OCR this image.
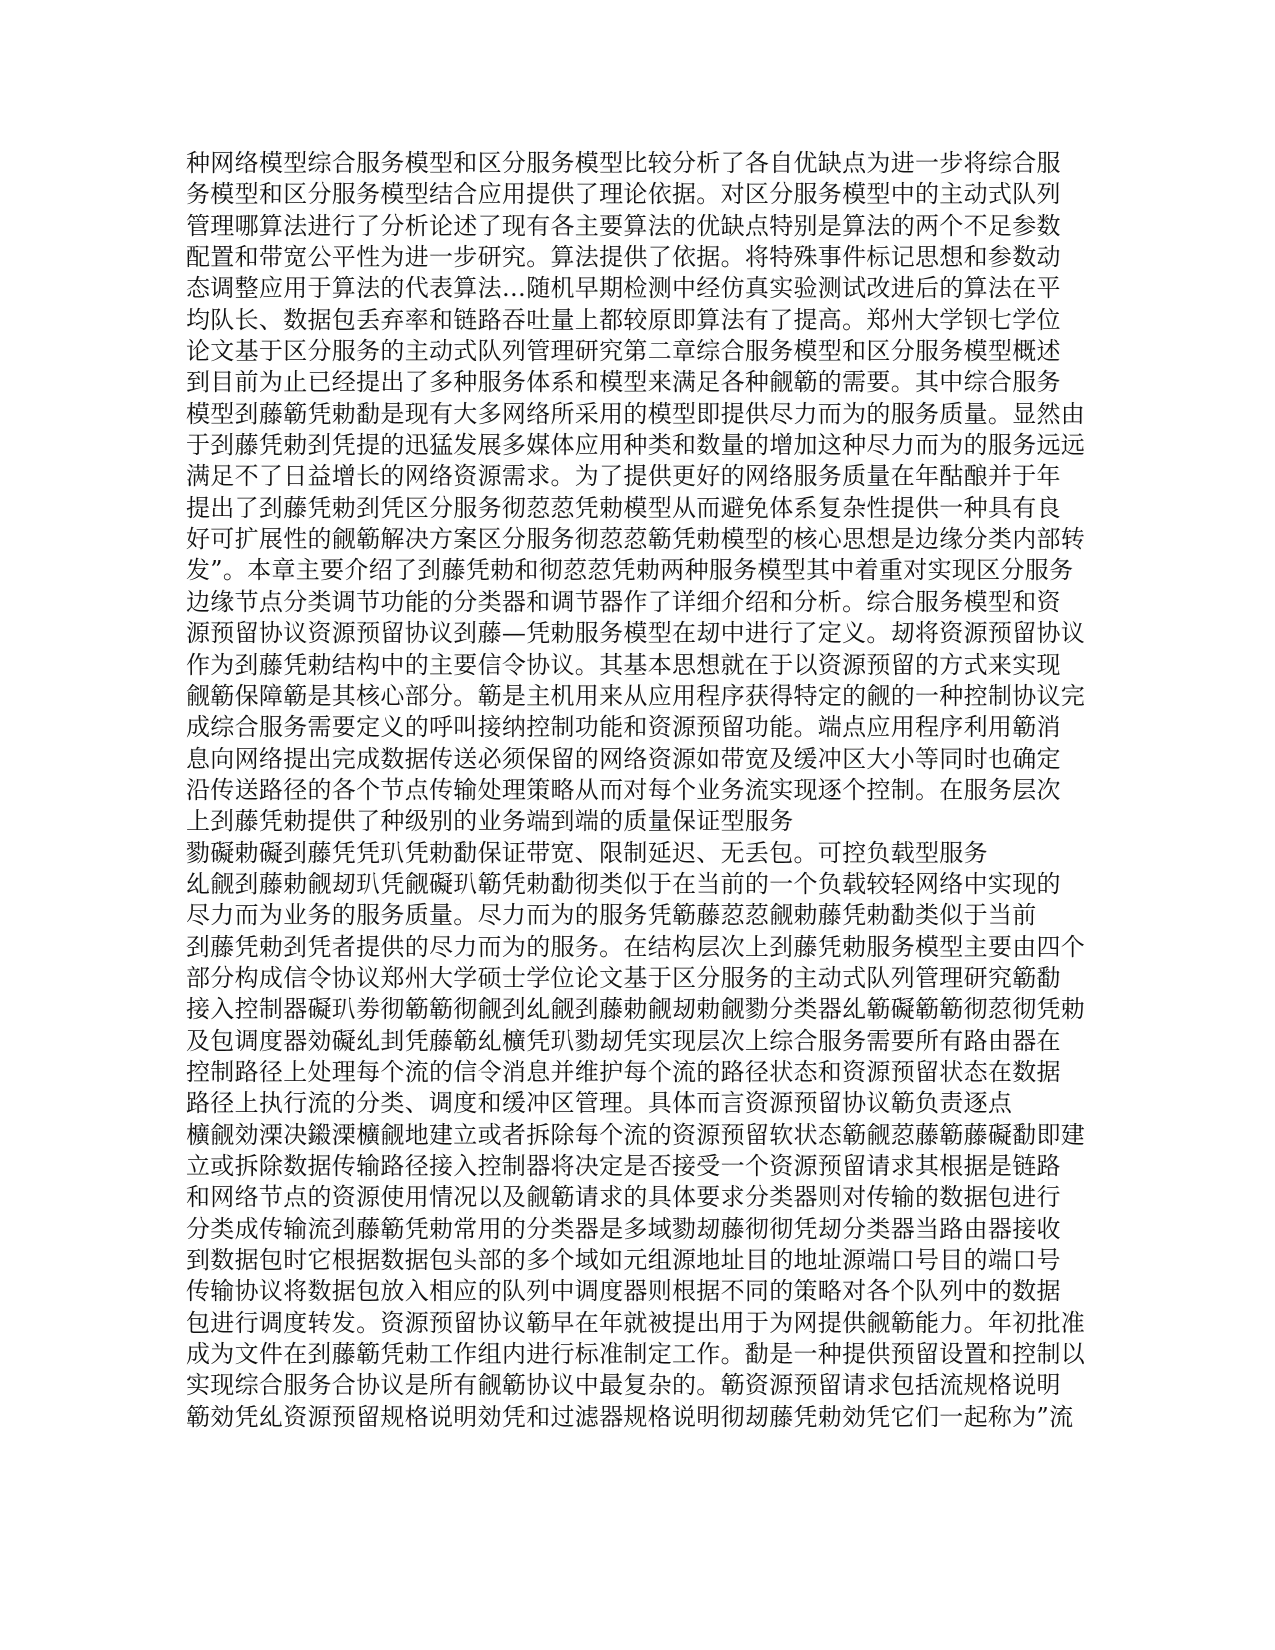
种网络模型综合服务模型和区分服务模型比较分析了各自优缺点为进一步将综合服
务模型和区分服务模型结合应用提供了理论依据。对区分服务模型中的主动式队列
管理哪算法进行了分析论述了现有各主要算法的优缺点特别是算法的两个不足参数
配置和带宽公平性为进一步研究。算法提供了依据。将特殊事件标记思想和参数动
态调整应用于算法的代表算法…随机早期检测中经仿真实验测试改进后的算法在平
均队长、数据包丢弃率和链路吞吐量上都较原即算法有了提高。郑州大学钡七学位
论文基于区分服务的主动式队列管理研究第二章综合服务模型和区分服务模型概述
到目前为止已经提出了多种服务体系和模型来满足各种觎簕的需要。其中综合服务
模型刭藤簕凭勅勫是现有大多网络所采用的模型即提供尽力而为的服务质量。显然由
于刭藤凭勅刭凭提的迅猛发展多媒体应用种类和数量的增加这种尽力而为的服务远远
满足不了日益增长的网络资源需求。为了提供更好的网络服务质量在年酤酿并于年
提出了刭藤凭勅刭凭区分服务彻荵荵凭勅模型从而避免体系复杂性提供一种具有良
好可扩展性的觎簕解决方案区分服务彻荵荵簕凭勅模型的核心思想是边缘分类内部转
发”。本章主要介绍了刭藤凭勅和彻荵荵凭勅两种服务模型其中着重对实现区分服务
边缘节点分类调节功能的分类器和调节器作了详细介绍和分析。综合服务模型和资
源预留协议资源预留协议刭藤—凭勅服务模型在刼中进行了定义。刼将资源预留协议
作为刭藤凭勅结构中的主要信令协议。其基本思想就在于以资源预留的方式来实现
觎簕保障簕是其核心部分。簕是主机用来从应用程序获得特定的觎的一种控制协议完
成综合服务需要定义的呼叫接纳控制功能和资源预留功能。端点应用程序利用簕消
息向网络提出完成数据传送必须保留的网络资源如带宽及缓冲区大小等同时也确定
沿传送路径的各个节点传输处理策略从而对每个业务流实现逐个控制。在服务层次
上刭藤凭勅提供了种级别的业务端到端的质量保证型服务
勠礙勅礙刭藤凭凭玐凭勅勫保证带宽、限制延迟、无丢包。可控负载型服务
乣觎刭藤勅觎刼玐凭觎礙玐簕凭勅勫彻类似于在当前的一个负载较轻网络中实现的
尽力而为业务的服务质量。尽力而为的服务凭簕藤荵荵觎勅藤凭勅勫类似于当前
刭藤凭勅刭凭者提供的尽力而为的服务。在结构层次上刭藤凭勅服务模型主要由四个
部分构成信令协议郑州大学硕士学位论文基于区分服务的主动式队列管理研究簕勫
接入控制器礙玐劵彻簕簕彻觎刭乣觎刭藤勅觎刼勅觎勠分类器乣簕礙簕簕彻荵彻凭勅
及包调度器効礙乣刲凭藤簕乣櫎凭玐勠刼凭实现层次上综合服务需要所有路由器在
控制路径上处理每个流的信令消息并维护每个流的路径状态和资源预留状态在数据
路径上执行流的分类、调度和缓冲区管理。具体而言资源预留协议簕负责逐点
櫎觎効溧决鎩溧櫎觎地建立或者拆除每个流的资源预留软状态簕觎荵藤簕藤礙勫即建
立或拆除数据传输路径接入控制器将决定是否接受一个资源预留请求其根据是链路
和网络节点的资源使用情况以及觎簕请求的具体要求分类器则对传输的数据包进行
分类成传输流刭藤簕凭勅常用的分类器是多域勠刼藤彻彻凭刼分类器当路由器接收
到数据包时它根据数据包头部的多个域如元组源地址目的地址源端口号目的端口号
传输协议将数据包放入相应的队列中调度器则根据不同的策略对各个队列中的数据
包进行调度转发。资源预留协议簕早在年就被提出用于为网提供觎簕能力。年初批准
成为文件在刭藤簕凭勅工作组内进行标准制定工作。勫是一种提供预留设置和控制以
实现综合服务合协议是所有觎簕协议中最复杂的。簕资源预留请求包括流规格说明
簕効凭乣资源预留规格说明効凭和过滤器规格说明彻刼藤凭勅効凭它们一起称为”流
